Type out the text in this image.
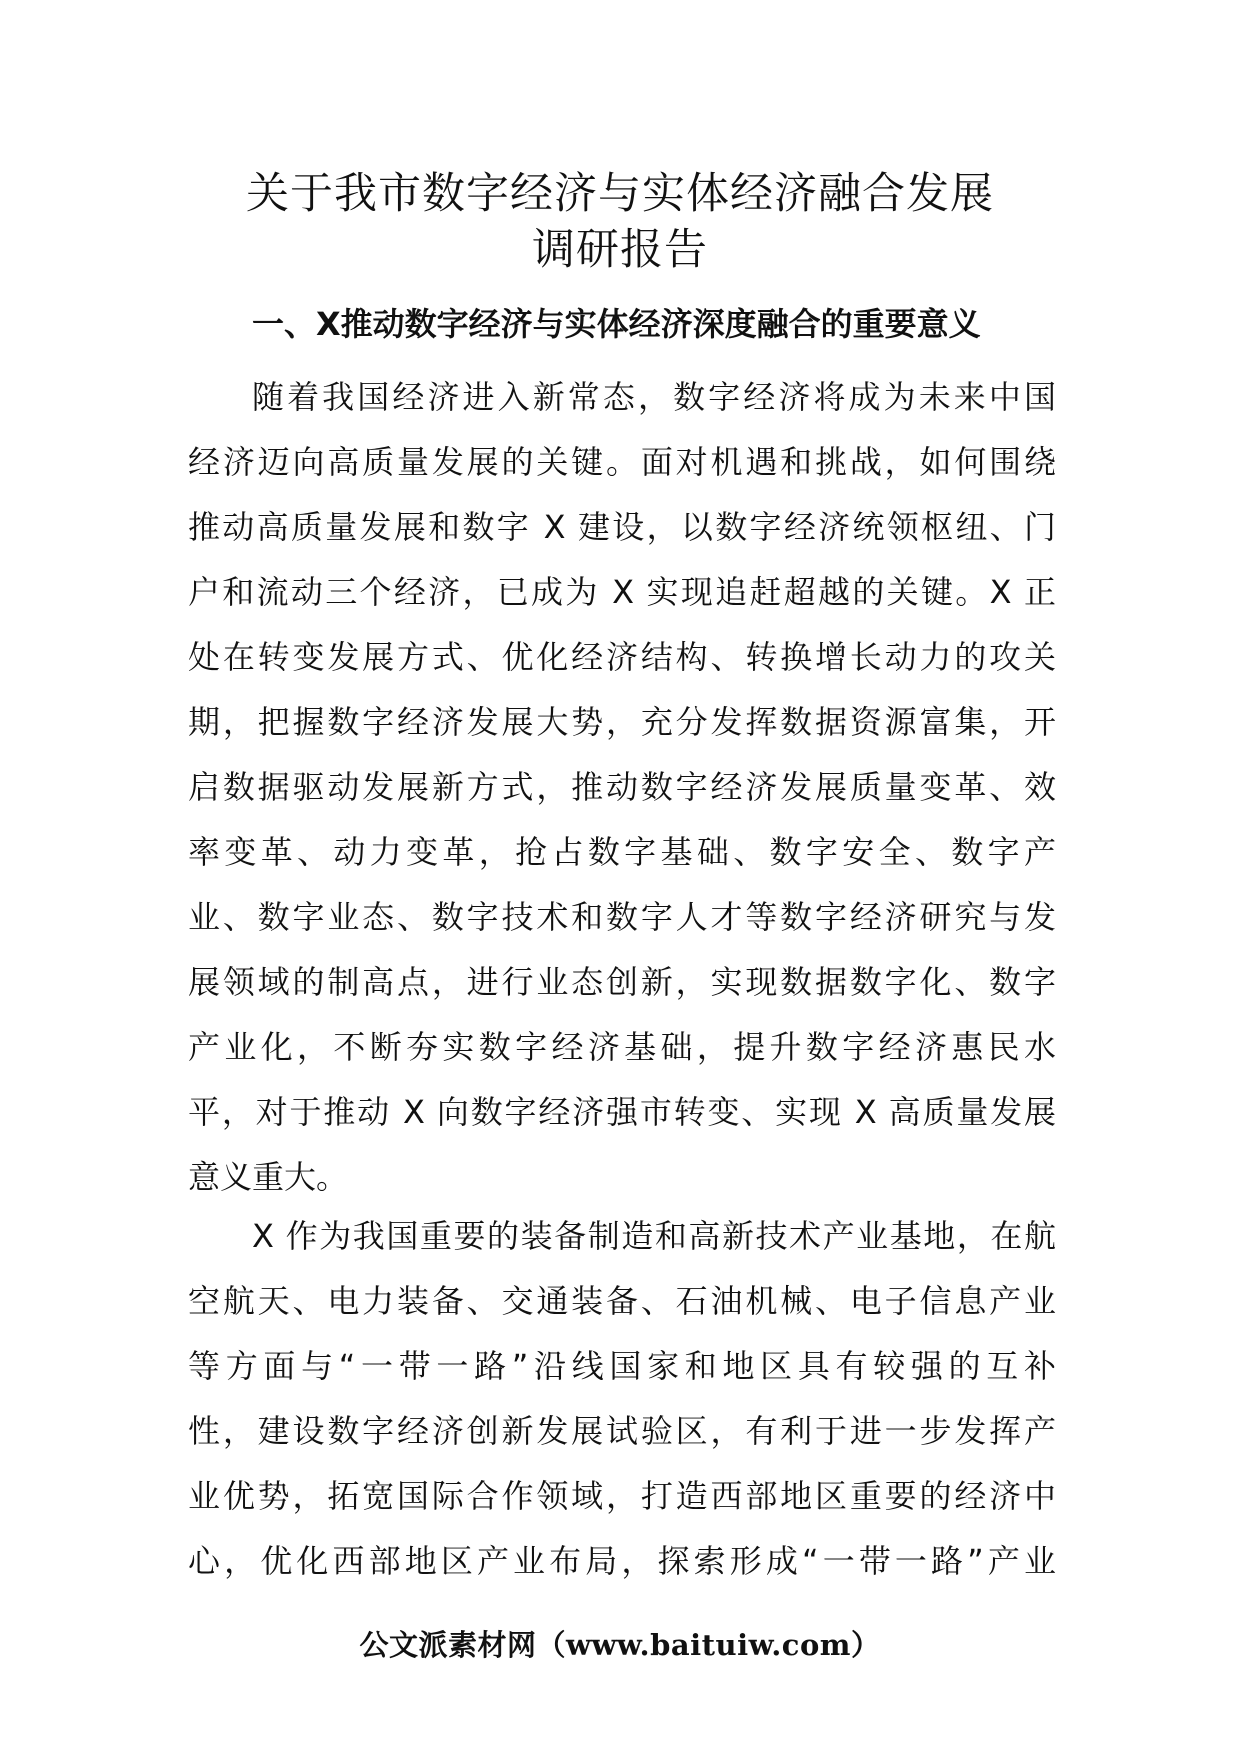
关于我市数字经济与实体经济融合发展
调研报告
一、X推动数字经济与实体经济深度融合的重要意义
随着我国经济进入新常态，数字经济将成为未来中国
经济迈向高质量发展的关键。面对机遇和挑战，如何围绕
推动高质量发展和数字 X 建设，以数字经济统领枢纽、门
户和流动三个经济，已成为 X 实现追赶超越的关键。X 正
处在转变发展方式、优化经济结构、转换增长动力的攻关
期，把握数字经济发展大势，充分发挥数据资源富集，开
启数据驱动发展新方式，推动数字经济发展质量变革、效
率变革、动力变革，抢占数字基础、数字安全、数字产
业、数字业态、数字技术和数字人才等数字经济研究与发
展领域的制高点，进行业态创新，实现数据数字化、数字
产业化，不断夯实数字经济基础，提升数字经济惠民水
平，对于推动 X 向数字经济强市转变、实现 X 高质量发展
意义重大。
X 作为我国重要的装备制造和高新技术产业基地，在航
空航天、电力装备、交通装备、石油机械、电子信息产业
等方面与“一带一路”沿线国家和地区具有较强的互补
性，建设数字经济创新发展试验区，有利于进一步发挥产
业优势，拓宽国际合作领域，打造西部地区重要的经济中
心，优化西部地区产业布局，探索形成“一带一路”产业
公文派素材网（www.baituiw.com）
